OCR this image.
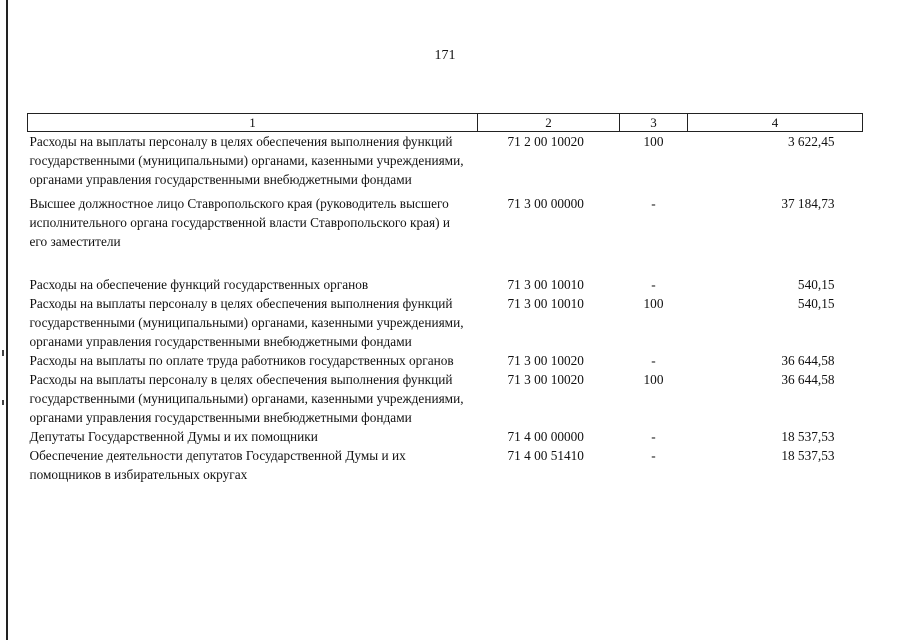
171
1	2	3	4
Расходы на выплаты персоналу в целях обеспечения выполнения функций государственными (муниципальными) органами, казенными учреждениями, органами управления государственными внебюджетными фондами	71 2 00 10020	100	3 622,45
Высшее должностное лицо Ставропольского края (руководитель высшего исполнительного органа государственной власти Ставропольского края) и его заместители	71 3 00 00000	-	37 184,73
Расходы на обеспечение функций государственных органов	71 3 00 10010	-	540,15
Расходы на выплаты персоналу в целях обеспечения выполнения функций государственными (муниципальными) органами, казенными учреждениями, органами управления государственными внебюджетными фондами	71 3 00 10010	100	540,15
Расходы на выплаты по оплате труда работников государственных органов	71 3 00 10020	-	36 644,58
Расходы на выплаты персоналу в целях обеспечения выполнения функций государственными (муниципальными) органами, казенными учреждениями, органами управления государственными внебюджетными фондами	71 3 00 10020	100	36 644,58
Депутаты Государственной Думы и их помощники	71 4 00 00000	-	18 537,53
Обеспечение деятельности депутатов Государственной Думы и их помощников в избирательных округах	71 4 00 51410	-	18 537,53
